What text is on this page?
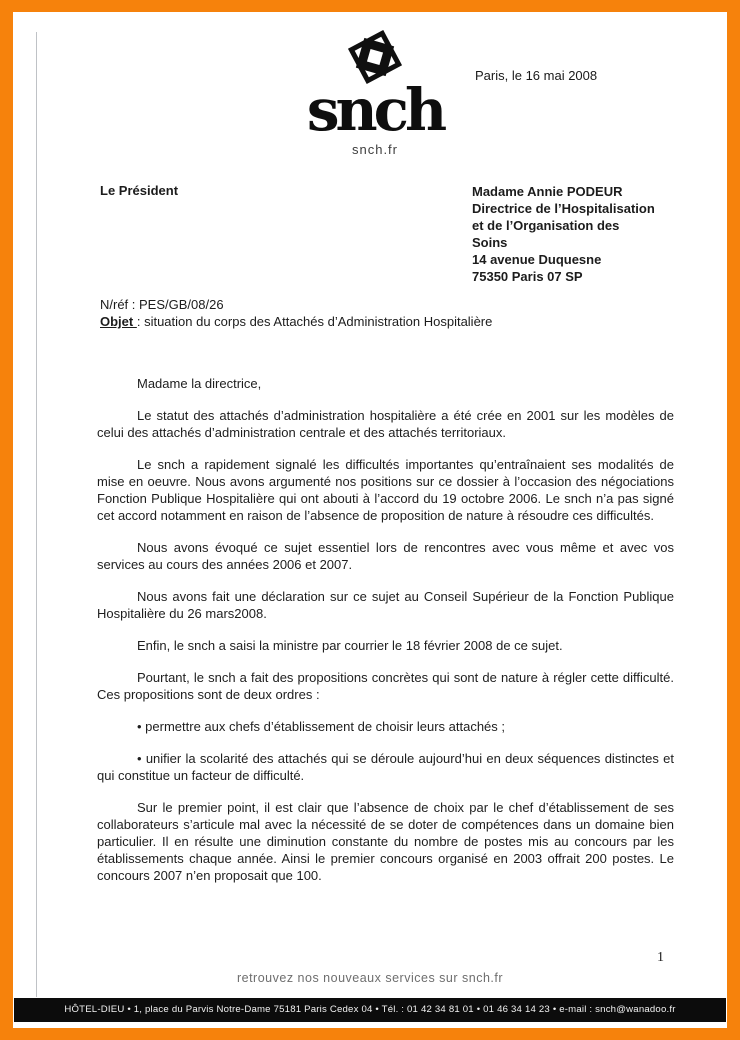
snch
snch.fr
Paris, le 16 mai 2008
Le Président	Madame Annie PODEUR
Directrice de l’Hospitalisation
et de l’Organisation des
Soins
14 avenue Duquesne
75350 Paris 07 SP
N/réf : PES/GB/08/26
Objet : situation du corps des Attachés d’Administration Hospitalière

Madame la directrice,

Le statut des attachés d’administration hospitalière a été crée en 2001 sur les modèles de celui des attachés d’administration centrale et des attachés territoriaux.

Le snch a rapidement signalé les difficultés importantes qu’entraînaient ses modalités de mise en oeuvre. Nous avons argumenté nos positions sur ce dossier à l’occasion des négociations Fonction Publique Hospitalière qui ont abouti à l’accord du 19 octobre 2006. Le snch n’a pas signé cet accord notamment en raison de l’absence de proposition de nature à résoudre ces difficultés.

Nous avons évoqué ce sujet essentiel lors de rencontres avec vous même et avec vos services au cours des années 2006 et 2007.

Nous avons fait une déclaration sur ce sujet au Conseil Supérieur de la Fonction Publique Hospitalière du 26 mars2008.

Enfin, le snch a saisi la ministre par courrier le 18 février 2008 de ce sujet.

Pourtant, le snch a fait des propositions concrètes qui sont de nature à régler cette difficulté. Ces propositions sont de deux ordres :

• permettre aux chefs d’établissement de choisir leurs attachés ;

• unifier la scolarité des attachés qui se déroule aujourd’hui en deux séquences distinctes et qui constitue un facteur de difficulté.

Sur le premier point, il est clair que l’absence de choix par le chef d’établissement de ses collaborateurs s’articule mal avec la nécessité de se doter de compétences dans un domaine bien particulier. Il en résulte une diminution constante du nombre de postes mis au concours par les établissements chaque année. Ainsi le premier concours organisé en 2003 offrait 200 postes. Le concours 2007 n’en proposait que 100.

1
retrouvez nos nouveaux services sur snch.fr
HÔTEL-DIEU • 1, place du Parvis Notre-Dame 75181 Paris Cedex 04 • Tél. : 01 42 34 81 01 • 01 46 34 14 23 • e-mail : snch@wanadoo.fr
